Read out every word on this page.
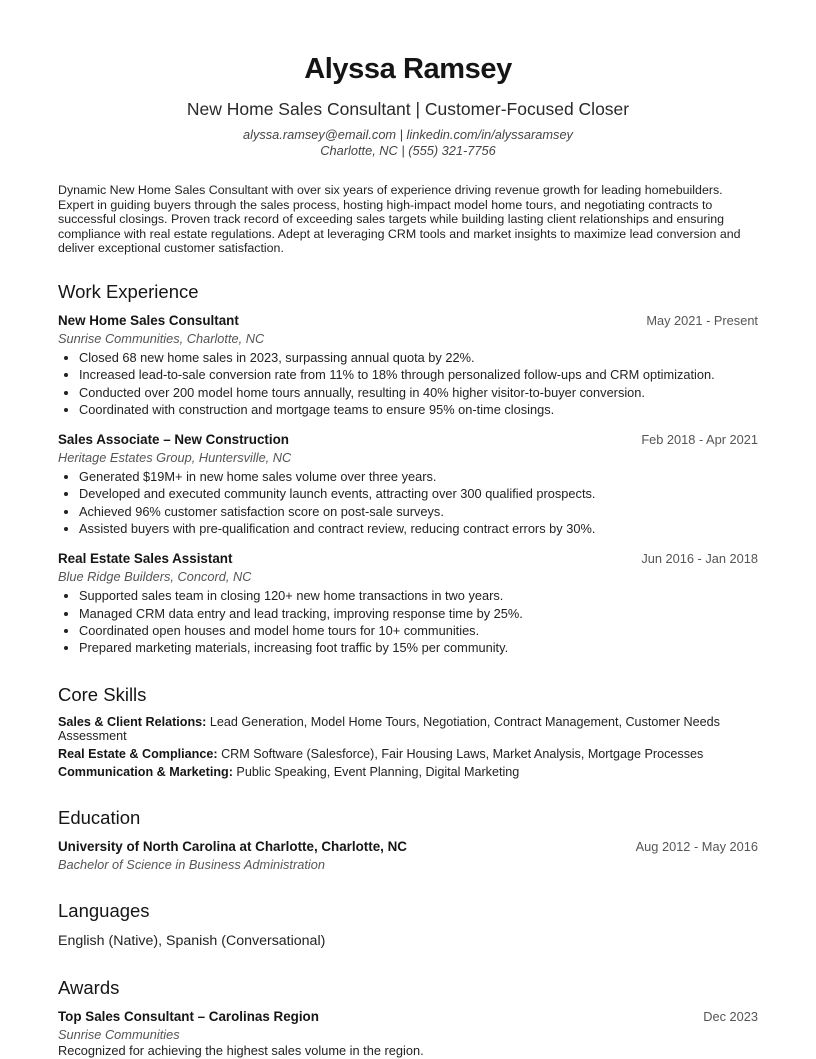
Alyssa Ramsey
New Home Sales Consultant | Customer-Focused Closer
alyssa.ramsey@email.com | linkedin.com/in/alyssaramsey
Charlotte, NC | (555) 321-7756
Dynamic New Home Sales Consultant with over six years of experience driving revenue growth for leading homebuilders. Expert in guiding buyers through the sales process, hosting high-impact model home tours, and negotiating contracts to successful closings. Proven track record of exceeding sales targets while building lasting client relationships and ensuring compliance with real estate regulations. Adept at leveraging CRM tools and market insights to maximize lead conversion and deliver exceptional customer satisfaction.
Work Experience
New Home Sales Consultant	May 2021 - Present
Sunrise Communities, Charlotte, NC
• Closed 68 new home sales in 2023, surpassing annual quota by 22%.
• Increased lead-to-sale conversion rate from 11% to 18% through personalized follow-ups and CRM optimization.
• Conducted over 200 model home tours annually, resulting in 40% higher visitor-to-buyer conversion.
• Coordinated with construction and mortgage teams to ensure 95% on-time closings.
Sales Associate – New Construction	Feb 2018 - Apr 2021
Heritage Estates Group, Huntersville, NC
• Generated $19M+ in new home sales volume over three years.
• Developed and executed community launch events, attracting over 300 qualified prospects.
• Achieved 96% customer satisfaction score on post-sale surveys.
• Assisted buyers with pre-qualification and contract review, reducing contract errors by 30%.
Real Estate Sales Assistant	Jun 2016 - Jan 2018
Blue Ridge Builders, Concord, NC
• Supported sales team in closing 120+ new home transactions in two years.
• Managed CRM data entry and lead tracking, improving response time by 25%.
• Coordinated open houses and model home tours for 10+ communities.
• Prepared marketing materials, increasing foot traffic by 15% per community.
Core Skills
Sales & Client Relations: Lead Generation, Model Home Tours, Negotiation, Contract Management, Customer Needs Assessment
Real Estate & Compliance: CRM Software (Salesforce), Fair Housing Laws, Market Analysis, Mortgage Processes
Communication & Marketing: Public Speaking, Event Planning, Digital Marketing
Education
University of North Carolina at Charlotte, Charlotte, NC	Aug 2012 - May 2016
Bachelor of Science in Business Administration
Languages
English (Native), Spanish (Conversational)
Awards
Top Sales Consultant – Carolinas Region	Dec 2023
Sunrise Communities
Recognized for achieving the highest sales volume in the region.
